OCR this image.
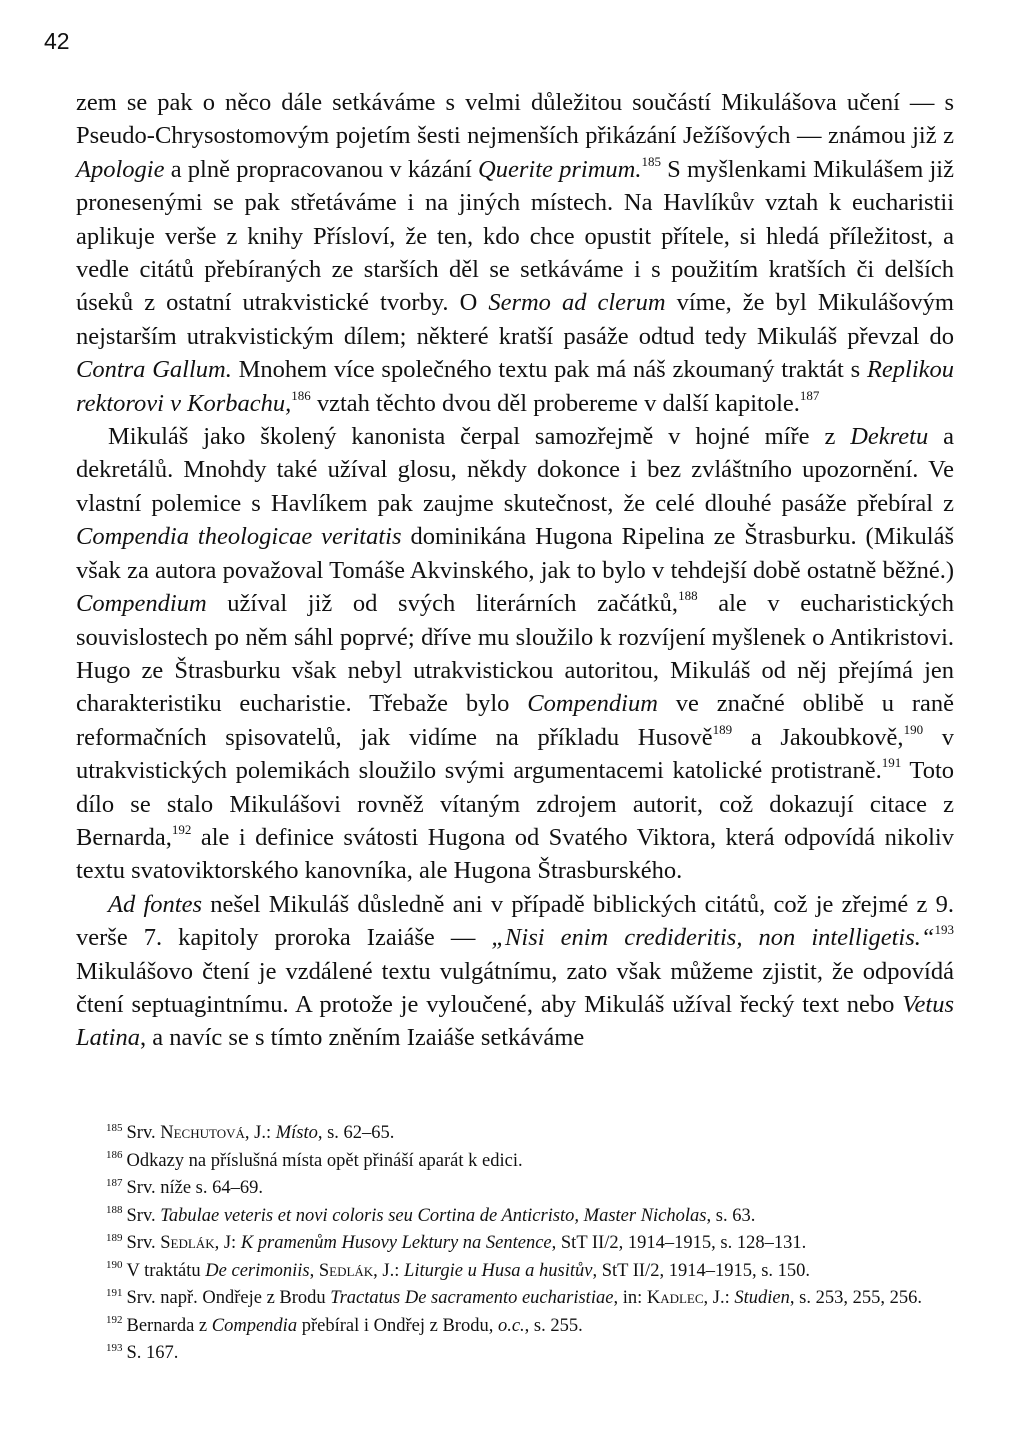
42

zem se pak o něco dále setkáváme s velmi důležitou součástí Mikulášova učení — s Pseudo-Chrysostomovým pojetím šesti nejmenších přikázání Ježíšových — známou již z Apologie a plně propracovanou v kázání Querite primum.$^{185}$ S myšlenkami Mikulášem již pronesenými se pak střetáváme i na jiných místech. Na Havlíkův vztah k eucharistii aplikuje verše z knihy Přísloví, že ten, kdo chce opustit přítele, si hledá příležitost, a vedle citátů přebíraných ze starších děl se setkáváme i s použitím kratších či delších úseků z ostatní utrakvistické tvorby. O Sermo ad clerum víme, že byl Mikulášovým nejstarším utrakvistickým dílem; některé kratší pasáže odtud tedy Mikuláš převzal do Contra Gallum. Mnohem více společného textu pak má náš zkoumaný traktát s Replikou rektorovi v Korbachu,$^{186}$ vztah těchto dvou děl probereme v další kapitole.$^{187}$

Mikuláš jako školený kanonista čerpal samozřejmě v hojné míře z Dekretu a dekretálů. Mnohdy také užíval glosu, někdy dokonce i bez zvláštního upozornění. Ve vlastní polemice s Havlíkem pak zaujme skutečnost, že celé dlouhé pasáže přebíral z Compendia theologicae veritatis dominikána Hugona Ripelina ze Štrasburku. (Mikuláš však za autora považoval Tomáše Akvinského, jak to bylo v tehdejší době ostatně běžné.) Compendium užíval již od svých literárních začátků,$^{188}$ ale v eucharistických souvislostech po něm sáhl poprvé; dříve mu sloužilo k rozvíjení myšlenek o Antikristovi. Hugo ze Štrasburku však nebyl utrakvistickou autoritou, Mikuláš od něj přejímá jen charakteristiku eucharistie. Třebaže bylo Compendium ve značné oblibě u raně reformačních spisovatelů, jak vidíme na příkladu Husově$^{189}$ a Jakoubkově,$^{190}$ v utrakvistických polemikách sloužilo svými argumentacemi katolické protistraně.$^{191}$ Toto dílo se stalo Mikulášovi rovněž vítaným zdrojem autorit, což dokazují citace z Bernarda,$^{192}$ ale i definice svátosti Hugona od Svatého Viktora, která odpovídá nikoliv textu svatoviktorského kanovníka, ale Hugona Štrasburského.

Ad fontes nešel Mikuláš důsledně ani v případě biblických citátů, což je zřejmé z 9. verše 7. kapitoly proroka Izaiáše — „Nisi enim credideritis, non intelligetis.“$^{193}$ Mikulášovo čtení je vzdálené textu vulgátnímu, zato však můžeme zjistit, že odpovídá čtení septuagintnímu. A protože je vyloučené, aby Mikuláš užíval řecký text nebo Vetus Latina, a navíc se s tímto zněním Izaiáše setkáváme

$^{185}$ Srv. Nechutová, J.: Místo, s. 62–65.

$^{186}$ Odkazy na příslušná místa opět přináší aparát k edici.

$^{187}$ Srv. níže s. 64–69.

$^{188}$ Srv. Tabulae veteris et novi coloris seu Cortina de Anticristo, Master Nicholas, s. 63.

$^{189}$ Srv. Sedlák, J: K pramenům Husovy Lektury na Sentence, StT II/2, 1914–1915, s. 128–131.

$^{190}$ V traktátu De cerimoniis, Sedlák, J.: Liturgie u Husa a husitův, StT II/2, 1914–1915, s. 150.

$^{191}$ Srv. např. Ondřeje z Brodu Tractatus De sacramento eucharistiae, in: Kadlec, J.: Studien, s. 253, 255, 256.

$^{192}$ Bernarda z Compendia přebíral i Ondřej z Brodu, o.c., s. 255.

$^{193}$ S. 167.
